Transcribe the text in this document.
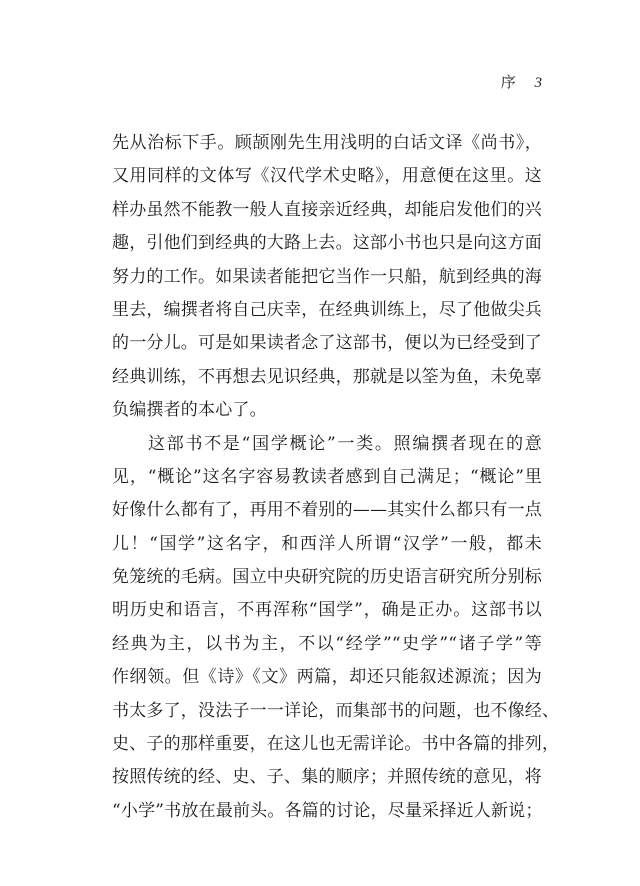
序 3
先从治标下手。顾颉刚先生用浅明的白话文译《尚书》，
又用同样的文体写《汉代学术史略》，用意便在这里。这
样办虽然不能教一般人直接亲近经典，却能启发他们的兴
趣，引他们到经典的大路上去。这部小书也只是向这方面
努力的工作。如果读者能把它当作一只船，航到经典的海
里去，编撰者将自己庆幸，在经典训练上，尽了他做尖兵
的一分儿。可是如果读者念了这部书，便以为已经受到了
经典训练，不再想去见识经典，那就是以筌为鱼，未免辜
负编撰者的本心了。
这部书不是“国学概论”一类。照编撰者现在的意
见，“概论”这名字容易教读者感到自己满足；“概论”里
好像什么都有了，再用不着别的——其实什么都只有一点
儿！“国学”这名字，和西洋人所谓“汉学”一般，都未
免笼统的毛病。国立中央研究院的历史语言研究所分别标
明历史和语言，不再浑称“国学”，确是正办。这部书以
经典为主，以书为主，不以“经学”“史学”“诸子学”等
作纲领。但《诗》《文》两篇，却还只能叙述源流；因为
书太多了，没法子一一详论，而集部书的问题，也不像经、
史、子的那样重要，在这儿也无需详论。书中各篇的排列，
按照传统的经、史、子、集的顺序；并照传统的意见，将
“小学”书放在最前头。各篇的讨论，尽量采择近人新说；
